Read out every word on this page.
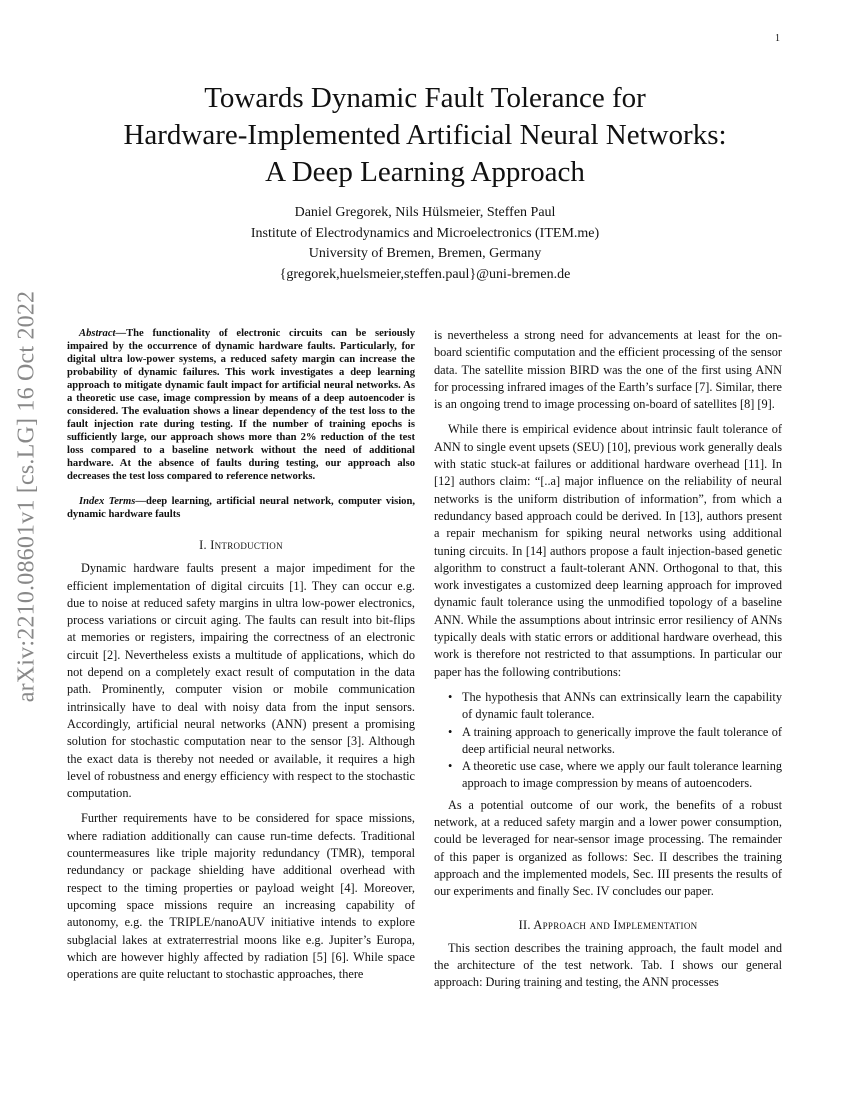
1
arXiv:2210.08601v1 [cs.LG] 16 Oct 2022
Towards Dynamic Fault Tolerance for
Hardware-Implemented Artificial Neural Networks:
A Deep Learning Approach
Daniel Gregorek, Nils Hülsmeier, Steffen Paul
Institute of Electrodynamics and Microelectronics (ITEM.me)
University of Bremen, Bremen, Germany
{gregorek,huelsmeier,steffen.paul}@uni-bremen.de

Abstract—The functionality of electronic circuits can be seriously impaired by the occurrence of dynamic hardware faults. Particularly, for digital ultra low-power systems, a reduced safety margin can increase the probability of dynamic failures. This work investigates a deep learning approach to mitigate dynamic fault impact for artificial neural networks. As a theoretic use case, image compression by means of a deep autoencoder is considered. The evaluation shows a linear dependency of the test loss to the fault injection rate during testing. If the number of training epochs is sufficiently large, our approach shows more than 2% reduction of the test loss compared to a baseline network without the need of additional hardware. At the absence of faults during testing, our approach also decreases the test loss compared to reference networks.

Index Terms—deep learning, artificial neural network, computer vision, dynamic hardware faults

I. Introduction

Dynamic hardware faults present a major impediment for the efficient implementation of digital circuits [1]. They can occur e.g. due to noise at reduced safety margins in ultra low-power electronics, process variations or circuit aging. The faults can result into bit-flips at memories or registers, impairing the correctness of an electronic circuit [2]. Nevertheless exists a multitude of applications, which do not depend on a completely exact result of computation in the data path. Prominently, computer vision or mobile communication intrinsically have to deal with noisy data from the input sensors. Accordingly, artificial neural networks (ANN) present a promising solution for stochastic computation near to the sensor [3]. Although the exact data is thereby not needed or available, it requires a high level of robustness and energy efficiency with respect to the stochastic computation.

Further requirements have to be considered for space missions, where radiation additionally can cause run-time defects. Traditional countermeasures like triple majority redundancy (TMR), temporal redundancy or package shielding have additional overhead with respect to the timing properties or payload weight [4]. Moreover, upcoming space missions require an increasing capability of autonomy, e.g. the TRIPLE/nanoAUV initiative intends to explore subglacial lakes at extraterrestrial moons like e.g. Jupiter’s Europa, which are however highly affected by radiation [5] [6]. While space operations are quite reluctant to stochastic approaches, there

is nevertheless a strong need for advancements at least for the on-board scientific computation and the efficient processing of the sensor data. The satellite mission BIRD was the one of the first using ANN for processing infrared images of the Earth’s surface [7]. Similar, there is an ongoing trend to image processing on-board of satellites [8] [9].

While there is empirical evidence about intrinsic fault tolerance of ANN to single event upsets (SEU) [10], previous work generally deals with static stuck-at failures or additional hardware overhead [11]. In [12] authors claim: “[..a] major influence on the reliability of neural networks is the uniform distribution of information”, from which a redundancy based approach could be derived. In [13], authors present a repair mechanism for spiking neural networks using additional tuning circuits. In [14] authors propose a fault injection-based genetic algorithm to construct a fault-tolerant ANN. Orthogonal to that, this work investigates a customized deep learning approach for improved dynamic fault tolerance using the unmodified topology of a baseline ANN. While the assumptions about intrinsic error resiliency of ANNs typically deals with static errors or additional hardware overhead, this work is therefore not restricted to that assumptions. In particular our paper has the following contributions:

• The hypothesis that ANNs can extrinsically learn the capability of dynamic fault tolerance.
• A training approach to generically improve the fault tolerance of deep artificial neural networks.
• A theoretic use case, where we apply our fault tolerance learning approach to image compression by means of autoencoders.

As a potential outcome of our work, the benefits of a robust network, at a reduced safety margin and a lower power consumption, could be leveraged for near-sensor image processing. The remainder of this paper is organized as follows: Sec. II describes the training approach and the implemented models, Sec. III presents the results of our experiments and finally Sec. IV concludes our paper.

II. Approach and Implementation

This section describes the training approach, the fault model and the architecture of the test network. Tab. I shows our general approach: During training and testing, the ANN processes
